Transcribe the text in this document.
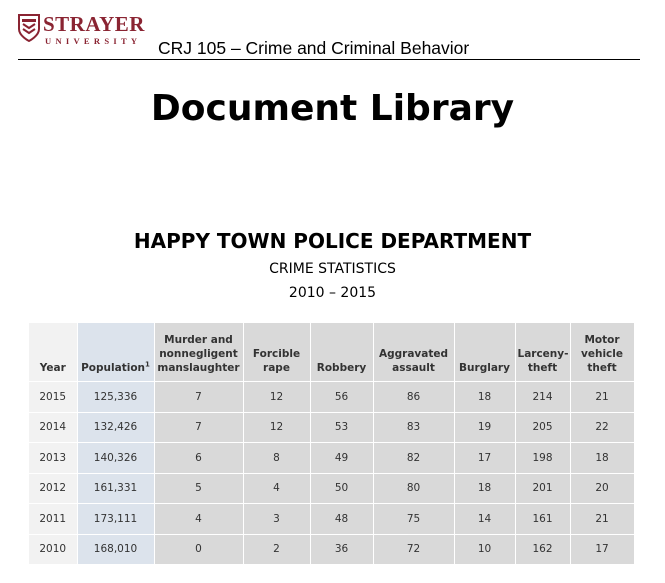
STRAYER
UNIVERSITY CRJ 105 – Crime and Criminal Behavior
Document Library
HAPPY TOWN POLICE DEPARTMENT
CRIME STATISTICS
2010 – 2015
Year	Population$^1$	Murder and nonnegligent manslaughter	Forcible rape	Robbery	Aggravated assault	Burglary	Larceny-theft	Motor vehicle theft
2015	125,336	7	12	56	86	18	214	21
2014	132,426	7	12	53	83	19	205	22
2013	140,326	6	8	49	82	17	198	18
2012	161,331	5	4	50	80	18	201	20
2011	173,111	4	3	48	75	14	161	21
2010	168,010	0	2	36	72	10	162	17
